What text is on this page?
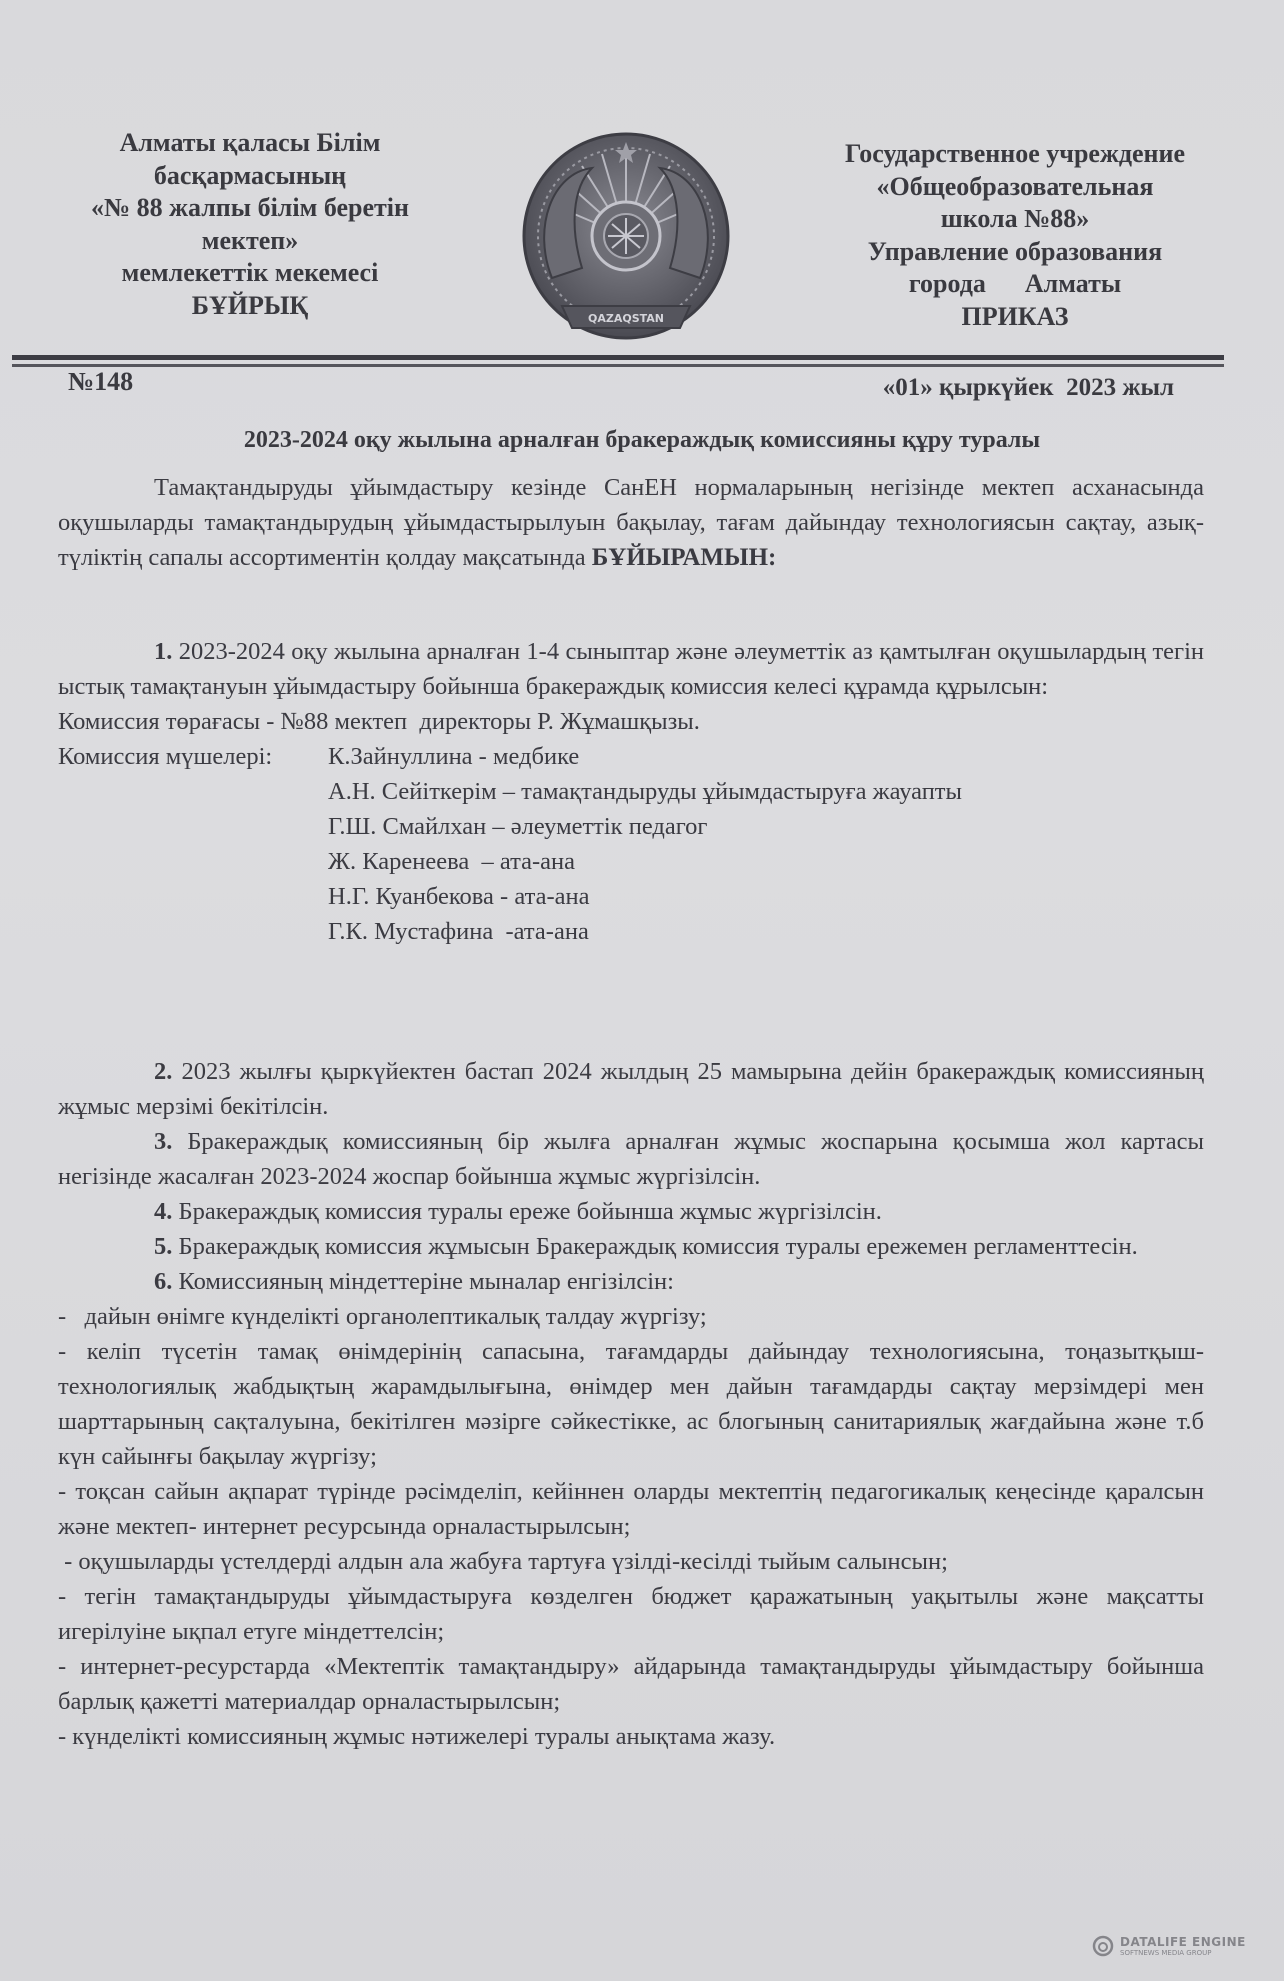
Алматы қаласы Білім
басқармасының
«№ 88 жалпы білім беретін
мектеп»
мемлекеттік мекемесі
БҰЙРЫҚ	QAZAQSTAN
Государственное учреждение
«Общеобразовательная
школа №88»
Управление образования
города      Алматы
ПРИКАЗ
№148	«01» қыркүйек  2023 жыл
2023-2024 оқу жылына арналған бракераждық комиссияны құру туралы

Тамақтандыруды ұйымдастыру кезінде СанЕН нормаларының негізінде мектеп асханасында оқушыларды тамақтандырудың ұйымдастырылуын бақылау, тағам дайындау технологиясын сақтау, азық-түліктің сапалы ассортиментін қолдау мақсатында БҰЙЫРАМЫН:

1. 2023-2024 оқу жылына арналған 1-4 сыныптар және әлеуметтік аз қамтылған оқушылардың тегін ыстық тамақтануын ұйымдастыру бойынша бракераждық комиссия келесі құрамда құрылсын:

Комиссия төрағасы - №88 мектеп  директоры Р. Жұмашқызы.

Комиссия мүшелері:	К.Зайнуллина - медбике
А.Н. Сейіткерім – тамақтандыруды ұйымдастыруға жауапты
Г.Ш. Смайлхан – әлеуметтік педагог
Ж. Каренеева  – ата-ана
Н.Г. Куанбекова - ата-ана
Г.К. Мустафина  -ата-ана

2. 2023 жылғы қыркүйектен бастап 2024 жылдың 25 мамырына дейін бракераждық комиссияның жұмыс мерзімі бекітілсін.

3. Бракераждық комиссияның бір жылға арналған жұмыс жоспарына қосымша жол картасы негізінде жасалған 2023-2024 жоспар бойынша жұмыс жүргізілсін.

4. Бракераждық комиссия туралы ереже бойынша жұмыс жүргізілсін.

5. Бракераждық комиссия жұмысын Бракераждық комиссия туралы ережемен регламенттесін.

6. Комиссияның міндеттеріне мыналар енгізілсін:

-   дайын өнімге күнделікті органолептикалық талдау жүргізу;

- келіп түсетін тамақ өнімдерінің сапасына, тағамдарды дайындау технологиясына, тоңазытқыш-технологиялық жабдықтың жарамдылығына, өнімдер мен дайын тағамдарды сақтау мерзімдері мен шарттарының сақталуына, бекітілген мәзірге сәйкестікке, ас блогының санитариялық жағдайына және т.б күн сайынғы бақылау жүргізу;

- тоқсан сайын ақпарат түрінде рәсімделіп, кейіннен оларды мектептің педагогикалық кеңесінде қаралсын және мектеп- интернет ресурсында орналастырылсын;

- оқушыларды үстелдерді алдын ала жабуға тартуға үзілді-кесілді тыйым салынсын;

- тегін тамақтандыруды ұйымдастыруға көзделген бюджет қаражатының уақытылы және мақсатты игерілуіне ықпал етуге міндеттелсін;

- интернет-ресурстарда «Мектептік тамақтандыру» айдарында тамақтандыруды ұйымдастыру бойынша барлық қажетті материалдар орналастырылсын;

- күнделікті комиссияның жұмыс нәтижелері туралы анықтама жазу.

DATALIFE ENGINE
SOFTNEWS MEDIA GROUP
